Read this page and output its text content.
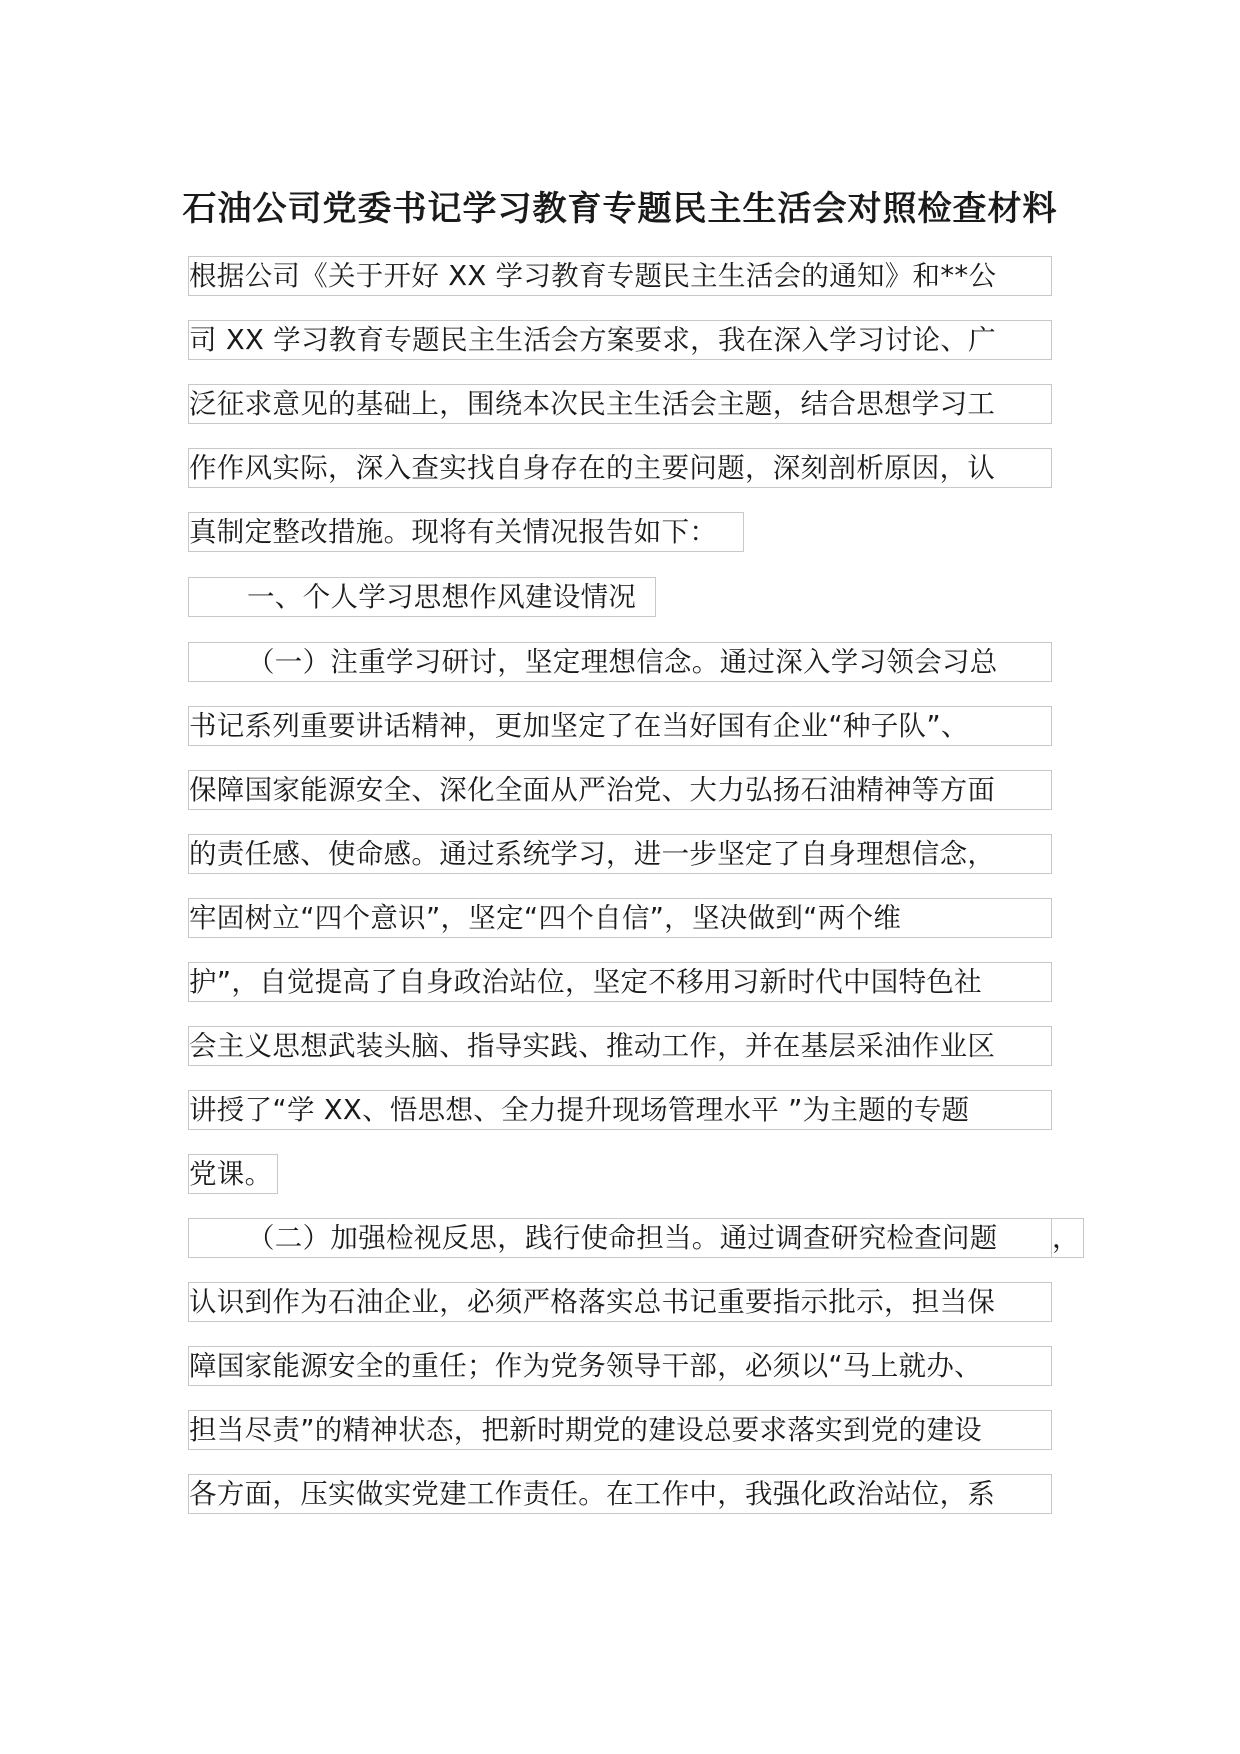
石油公司党委书记学习教育专题民主生活会对照检查材料
根据公司《关于开好 XX 学习教育专题民主生活会的通知》和**公
司 XX 学习教育专题民主生活会方案要求，我在深入学习讨论、广
泛征求意见的基础上，围绕本次民主生活会主题，结合思想学习工
作作风实际，深入查实找自身存在的主要问题，深刻剖析原因，认
真制定整改措施。现将有关情况报告如下：
一、个人学习思想作风建设情况
（一）注重学习研讨，坚定理想信念。通过深入学习领会习总
书记系列重要讲话精神，更加坚定了在当好国有企业“种子队”、
保障国家能源安全、深化全面从严治党、大力弘扬石油精神等方面
的责任感、使命感。通过系统学习，进一步坚定了自身理想信念，
牢固树立“四个意识”，坚定“四个自信”，坚决做到“两个维
护”，自觉提高了自身政治站位，坚定不移用习新时代中国特色社
会主义思想武装头脑、指导实践、推动工作，并在基层采油作业区
讲授了“学 XX、悟思想、全力提升现场管理水平 ”为主题的专题
党课。
（二）加强检视反思，践行使命担当。通过调查研究检查问题	，
认识到作为石油企业，必须严格落实总书记重要指示批示，担当保
障国家能源安全的重任；作为党务领导干部，必须以“马上就办、
担当尽责”的精神状态，把新时期党的建设总要求落实到党的建设
各方面，压实做实党建工作责任。在工作中，我强化政治站位，系
